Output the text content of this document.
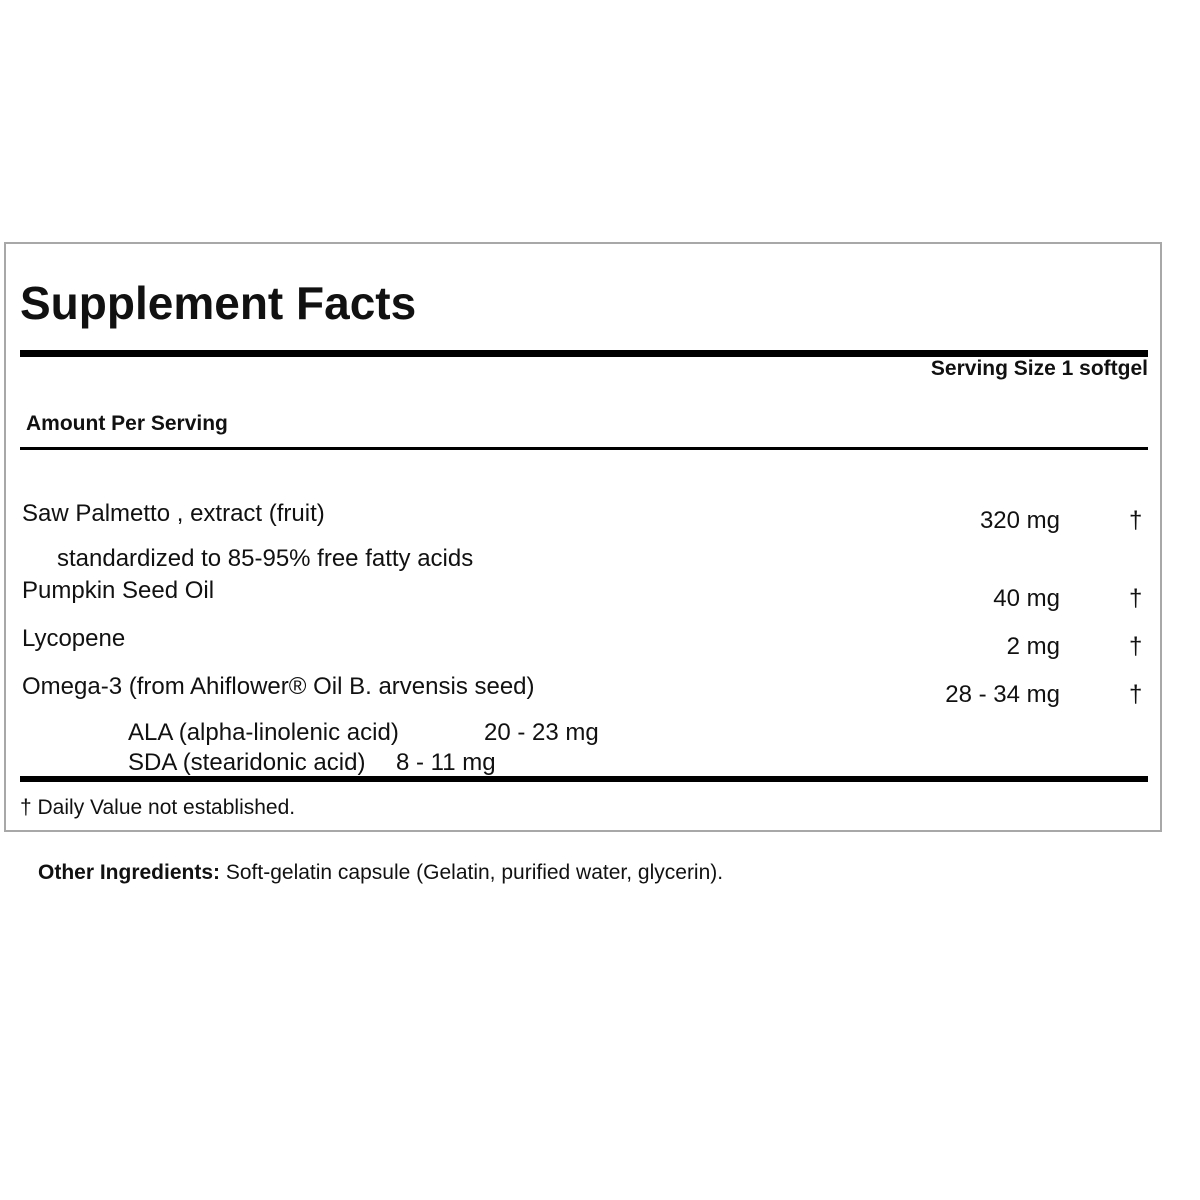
Supplement Facts
Serving Size 1 softgel
Amount Per Serving
Saw Palmetto , extract (fruit)	320 mg	†
standardized to 85-95% free fatty acids
Pumpkin Seed Oil	40 mg	†
Lycopene	2 mg	†
Omega-3 (from Ahiflower® Oil B. arvensis seed)	28 - 34 mg	†
ALA (alpha-linolenic acid)	20 - 23 mg
SDA (stearidonic acid) 8 - 11 mg
† Daily Value not established.
Other Ingredients: Soft-gelatin capsule (Gelatin, purified water, glycerin).
